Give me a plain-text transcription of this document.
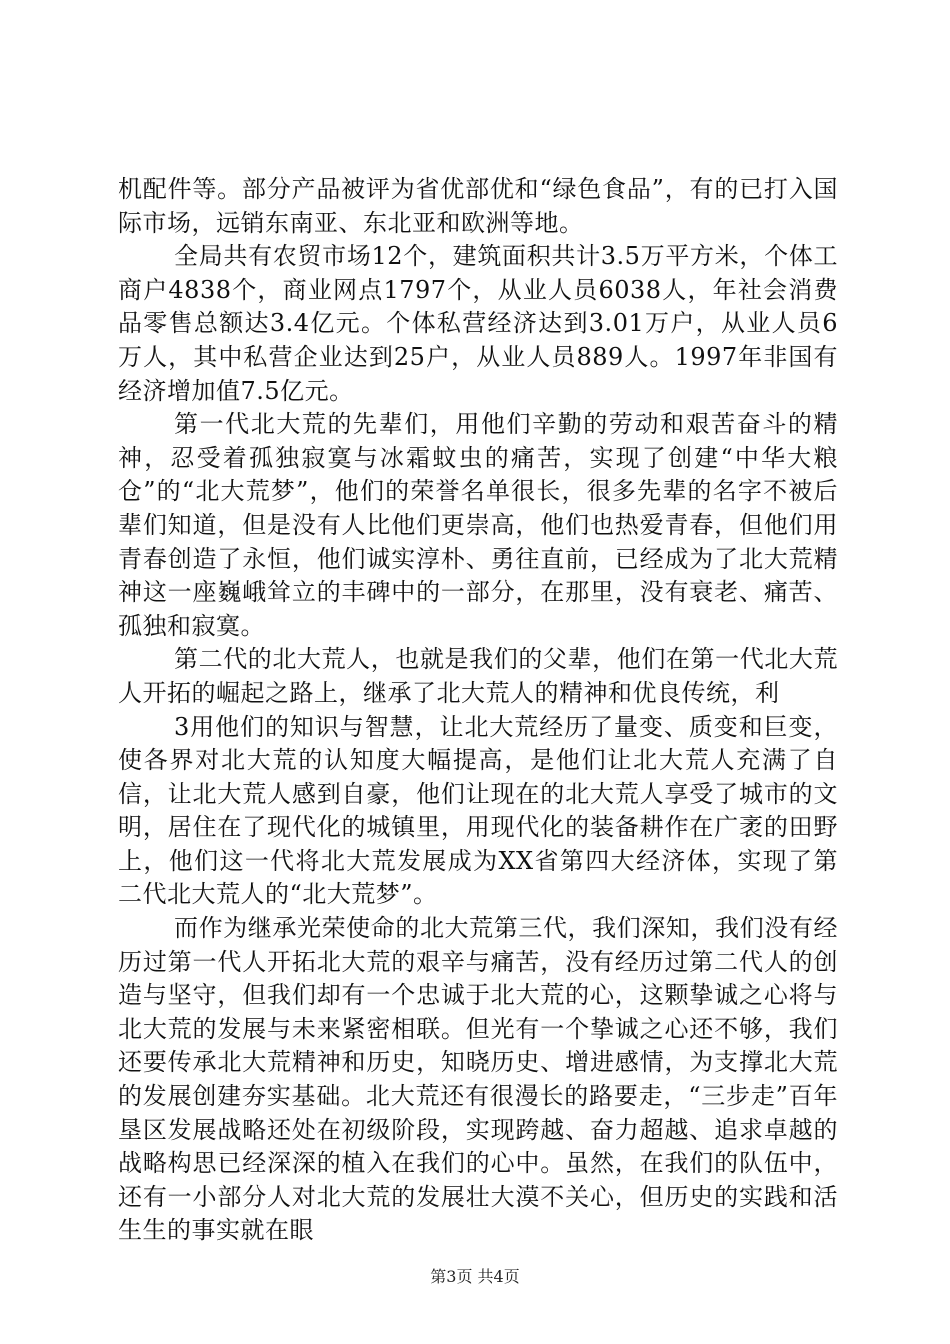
机配件等。部分产品被评为省优部优和“绿色食品”，有的已打入国际市场，远销东南亚、东北亚和欧洲等地。

全局共有农贸市场12个，建筑面积共计3.5万平方米，个体工商户4838个，商业网点1797个，从业人员6038人，年社会消费品零售总额达3.4亿元。个体私营经济达到3.01万户，从业人员6万人，其中私营企业达到25户，从业人员889人。1997年非国有经济增加值7.5亿元。

第一代北大荒的先辈们，用他们辛勤的劳动和艰苦奋斗的精神，忍受着孤独寂寞与冰霜蚊虫的痛苦，实现了创建“中华大粮仓”的“北大荒梦”，他们的荣誉名单很长，很多先辈的名字不被后辈们知道，但是没有人比他们更崇高，他们也热爱青春，但他们用青春创造了永恒，他们诚实淳朴、勇往直前，已经成为了北大荒精神这一座巍峨耸立的丰碑中的一部分，在那里，没有衰老、痛苦、孤独和寂寞。

第二代的北大荒人，也就是我们的父辈，他们在第一代北大荒人开拓的崛起之路上，继承了北大荒人的精神和优良传统，利

3用他们的知识与智慧，让北大荒经历了量变、质变和巨变，使各界对北大荒的认知度大幅提高，是他们让北大荒人充满了自信，让北大荒人感到自豪，他们让现在的北大荒人享受了城市的文明，居住在了现代化的城镇里，用现代化的装备耕作在广袤的田野上，他们这一代将北大荒发展成为XX省第四大经济体，实现了第二代北大荒人的“北大荒梦”。

而作为继承光荣使命的北大荒第三代，我们深知，我们没有经历过第一代人开拓北大荒的艰辛与痛苦，没有经历过第二代人的创造与坚守，但我们却有一个忠诚于北大荒的心，这颗挚诚之心将与北大荒的发展与未来紧密相联。但光有一个挚诚之心还不够，我们还要传承北大荒精神和历史，知晓历史、增进感情，为支撑北大荒的发展创建夯实基础。北大荒还有很漫长的路要走，“三步走”百年垦区发展战略还处在初级阶段，实现跨越、奋力超越、追求卓越的战略构思已经深深的植入在我们的心中。虽然，在我们的队伍中，还有一小部分人对北大荒的发展壮大漠不关心，但历史的实践和活生生的事实就在眼

第3页 共4页
